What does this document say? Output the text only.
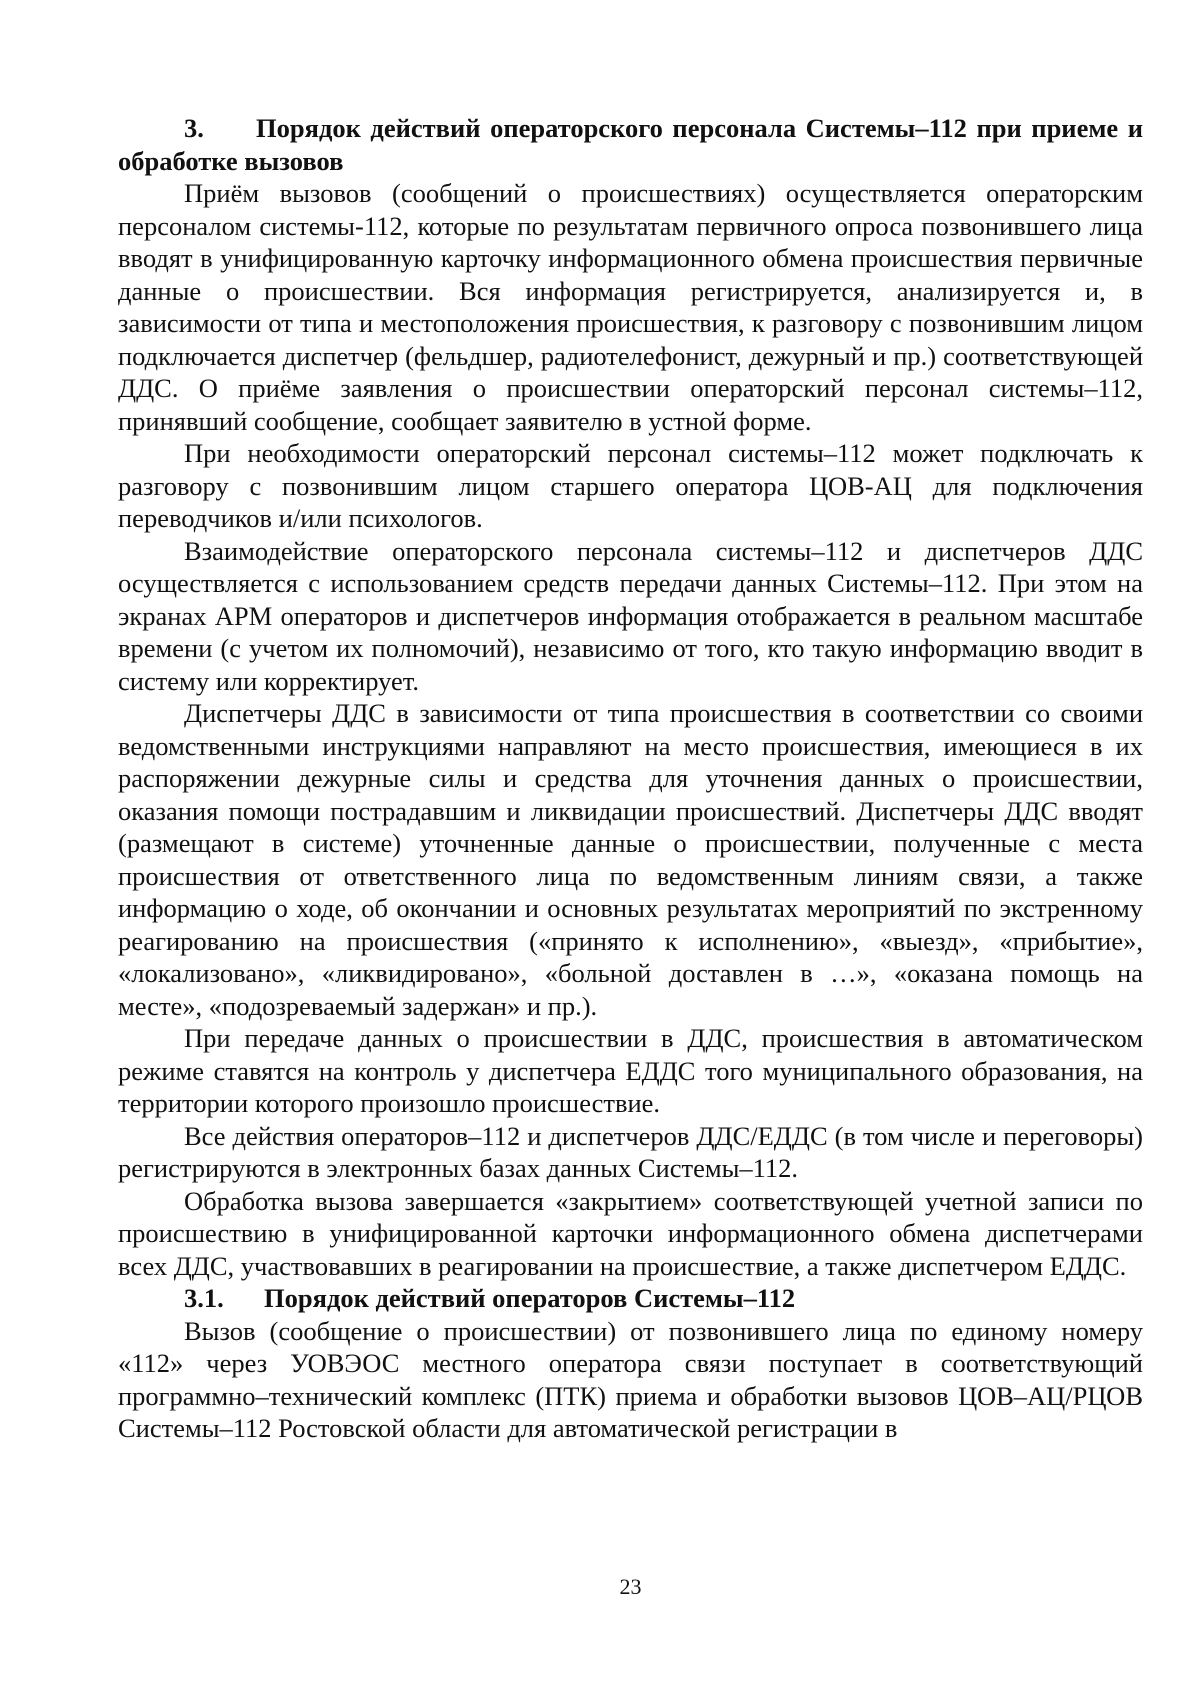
3. Порядок действий операторского персонала Системы–112 при приеме и обработке вызовов

Приём вызовов (сообщений о происшествиях) осуществляется операторским персоналом системы-112, которые по результатам первичного опроса позвонившего лица вводят в унифицированную карточку информационного обмена происшествия первичные данные о происшествии. Вся информация регистрируется, анализируется и, в зависимости от типа и местоположения происшествия, к разговору с позвонившим лицом подключается диспетчер (фельдшер, радиотелефонист, дежурный и пр.) соответствующей ДДС. О приёме заявления о происшествии операторский персонал системы–112, принявший сообщение, сообщает заявителю в устной форме.

При необходимости операторский персонал системы–112 может подключать к разговору с позвонившим лицом старшего оператора ЦОВ-АЦ для подключения переводчиков и/или психологов.

Взаимодействие операторского персонала системы–112 и диспетчеров ДДС осуществляется с использованием средств передачи данных Системы–112. При этом на экранах АРМ операторов и диспетчеров информация отображается в реальном масштабе времени (с учетом их полномочий), независимо от того, кто такую информацию вводит в систему или корректирует.

Диспетчеры ДДС в зависимости от типа происшествия в соответствии со своими ведомственными инструкциями направляют на место происшествия, имеющиеся в их распоряжении дежурные силы и средства для уточнения данных о происшествии, оказания помощи пострадавшим и ликвидации происшествий. Диспетчеры ДДС вводят (размещают в системе) уточненные данные о происшествии, полученные с места происшествия от ответственного лица по ведомственным линиям связи, а также информацию о ходе, об окончании и основных результатах мероприятий по экстренному реагированию на происшествия («принято к исполнению», «выезд», «прибытие», «локализовано», «ликвидировано», «больной доставлен в …», «оказана помощь на месте», «подозреваемый задержан» и пр.).

При передаче данных о происшествии в ДДС, происшествия в автоматическом режиме ставятся на контроль у диспетчера ЕДДС того муниципального образования, на территории которого произошло происшествие.

Все действия операторов–112 и диспетчеров ДДС/ЕДДС (в том числе и переговоры) регистрируются в электронных базах данных Системы–112.

Обработка вызова завершается «закрытием» соответствующей учетной записи по происшествию в унифицированной карточки информационного обмена диспетчерами всех ДДС, участвовавших в реагировании на происшествие, а также диспетчером ЕДДС.

3.1. Порядок действий операторов Системы–112

Вызов (сообщение о происшествии) от позвонившего лица по единому номеру «112» через УОВЭОС местного оператора связи поступает в соответствующий программно–технический комплекс (ПТК) приема и обработки вызовов ЦОВ–АЦ/РЦОВ Системы–112 Ростовской области для автоматической регистрации в

23
